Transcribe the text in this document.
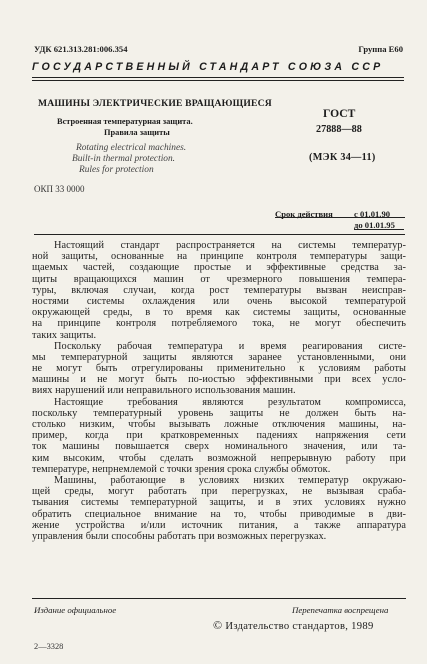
УДК 621.313.281:006.354	Группа Е60
ГОСУДАРСТВЕННЫЙ СТАНДАРТ СОЮЗА ССР
МАШИНЫ ЭЛЕКТРИЧЕСКИЕ ВРАЩАЮЩИЕСЯ
Встроенная температурная защита.
Правила защиты
Rotating electrical machines.
Built-in thermal protection.
Rules for protection
ГОСТ
27888—88
(МЭК 34—11)
ОКП 33 0000
Срок действия с 01.01.90
до 01.01.95
Настоящий стандарт распространяется на системы температур-
ной защиты, основанные на принципе контроля температуры защи-
щаемых частей, создающие простые и эффективные средства за-
щиты вращающихся машин от чрезмерного повышения темпера-
туры, включая случаи, когда рост температуры вызван неисправ-
ностями системы охлаждения или очень высокой температурой
окружающей среды, в то время как системы защиты, основанные
на принципе контроля потребляемого тока, не могут обеспечить
таких защиты.
Поскольку рабочая температура и время реагирования систе-
мы температурной защиты являются заранее установленными, они
не могут быть отрегулированы применительно к условиям работы
машины и не могут быть по-иостью эффективными при всех усло-
виях нарушений или неправильного использования машин.
Настоящие требования являются результатом компромисса,
поскольку температурный уровень защиты не должен быть на-
столько низким, чтобы вызывать ложные отключения машины, на-
пример, когда при кратковременных падениях напряжения сети
ток машины повышается сверх номинального значения, или та-
ким высоким, чтобы сделать возможной непрерывную работу при
температуре, непрнемлемой с точки зрения срока службы обмоток.
Машины, работающие в условиях низких температур окружаю-
щей среды, могут работать при перегрузках, не вызывая сраба-
тывания системы температурной защиты, и в этих условиях нужно
обратить специальное внимание на то, чтобы приводимые в дви-
жение устройства и/или источник питания, а также аппаратура
управления были способны работать при возможных перегрузках.
Издание официальное	Перепечатка воспрещена
© Издательство стандартов, 1989
2—3328
